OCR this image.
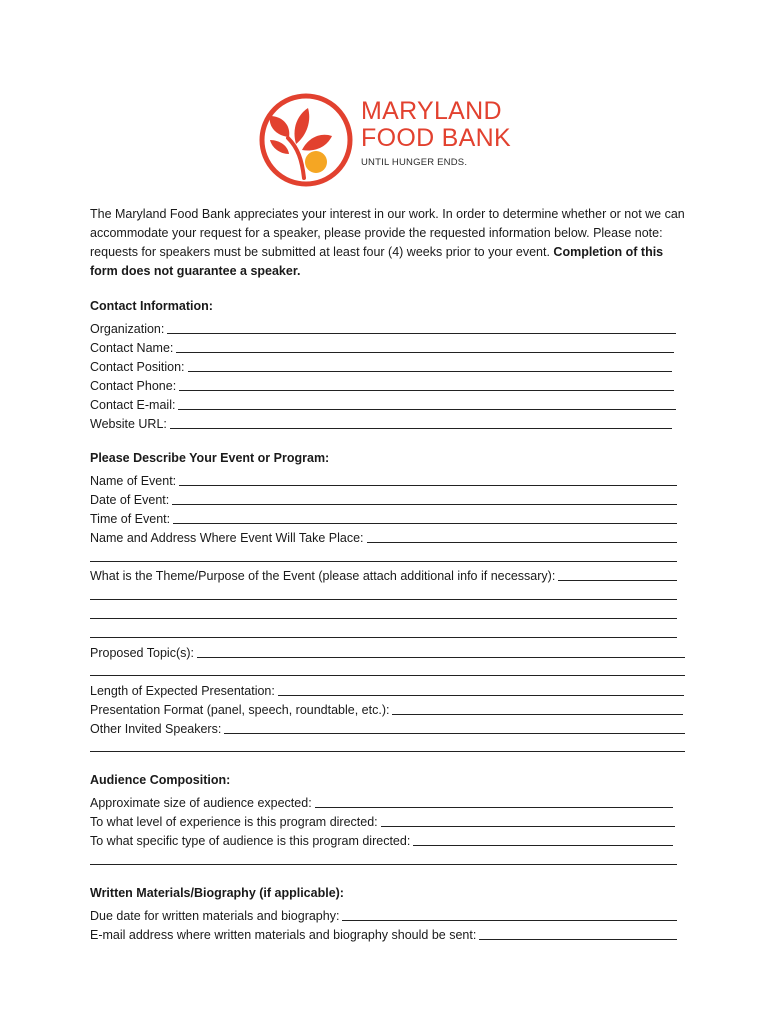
MARYLAND
FOOD BANK
UNTIL HUNGER ENDS.
The Maryland Food Bank appreciates your interest in our work. In order to determine whether or not we can accommodate your request for a speaker, please provide the requested information below. Please note: requests for speakers must be submitted at least four (4) weeks prior to your event. Completion of this form does not guarantee a speaker.
Contact Information:
Organization:
Contact Name:
Contact Position:
Contact Phone:
Contact E-mail:
Website URL:
Please Describe Your Event or Program:
Name of Event:
Date of Event:
Time of Event:
Name and Address Where Event Will Take Place:
What is the Theme/Purpose of the Event (please attach additional info if necessary):
Proposed Topic(s):
Length of Expected Presentation:
Presentation Format (panel, speech, roundtable, etc.):
Other Invited Speakers:
Audience Composition:
Approximate size of audience expected:
To what level of experience is this program directed:
To what specific type of audience is this program directed:
Written Materials/Biography (if applicable):
Due date for written materials and biography:
E-mail address where written materials and biography should be sent:
